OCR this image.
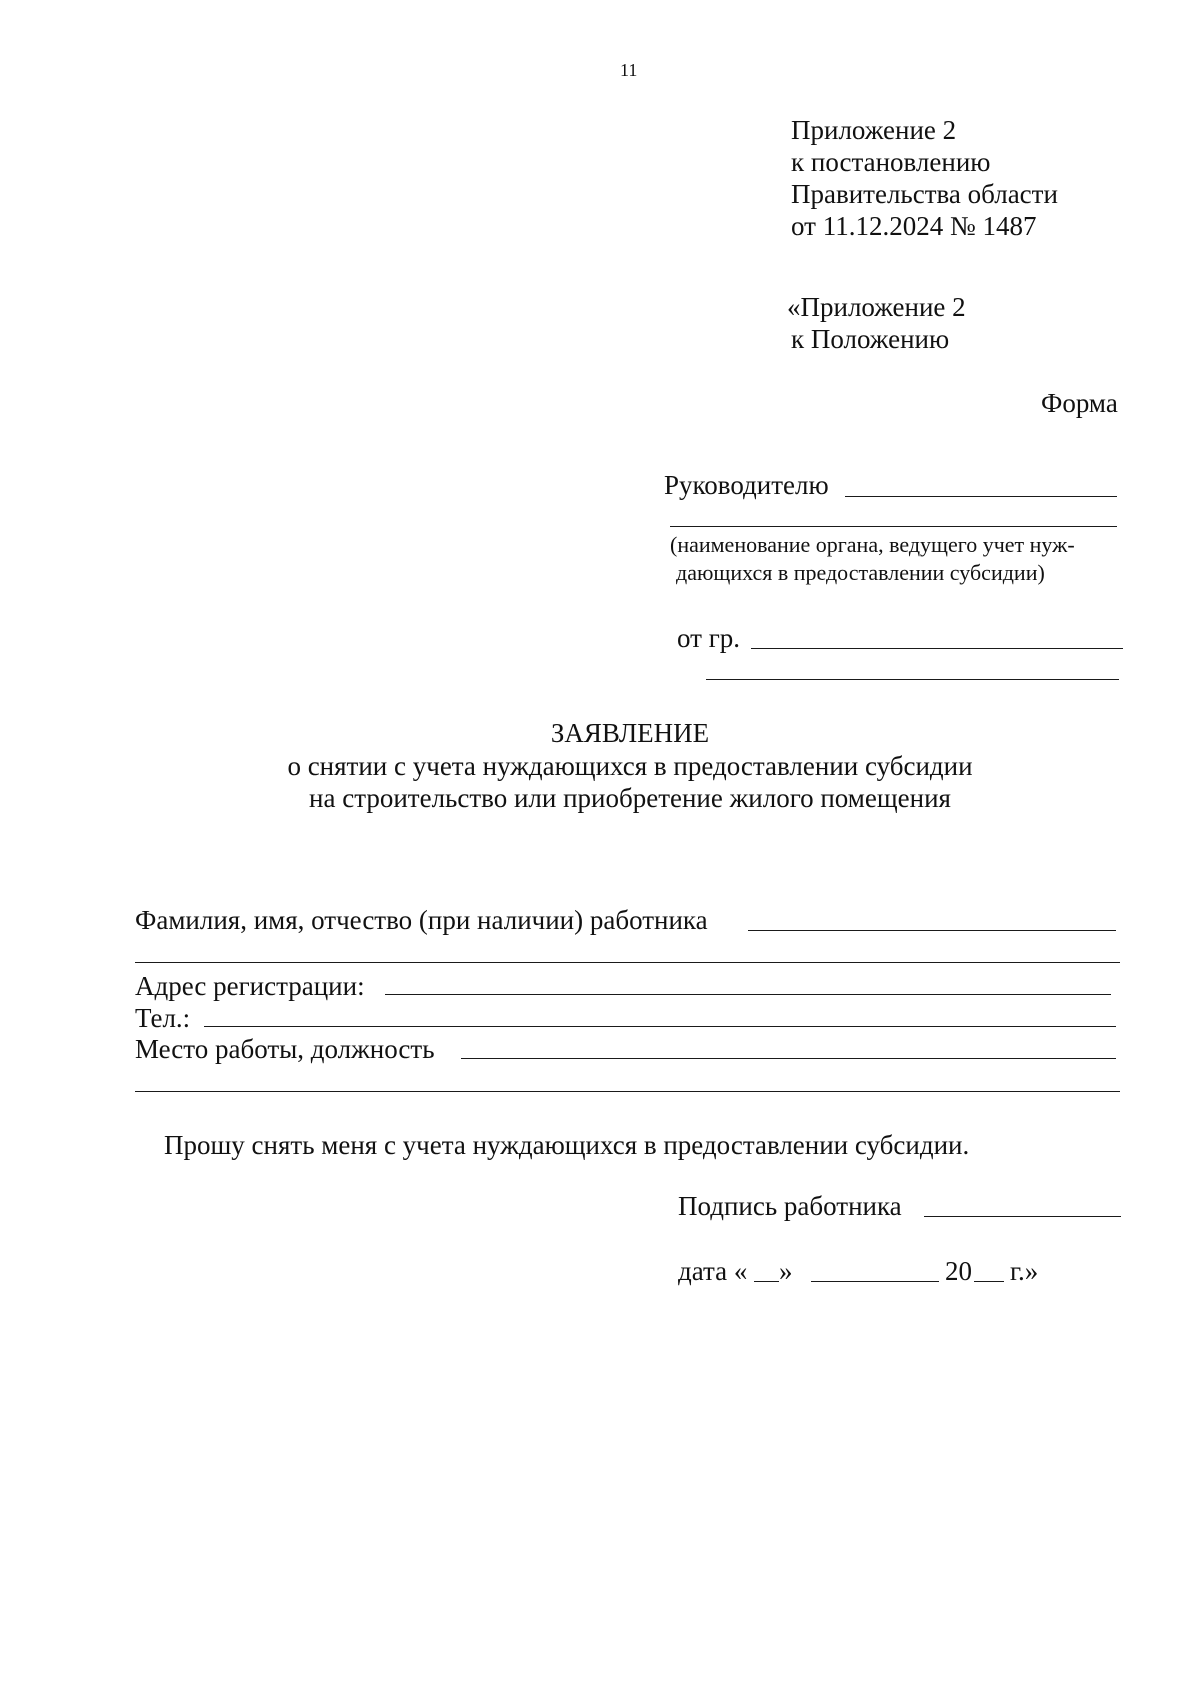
11
Приложение 2
к постановлению
Правительства области
от 11.12.2024 № 1487
«Приложение 2
к Положению
Форма
Руководителю
(наименование органа, ведущего учет нуж-
дающихся в предоставлении субсидии)
от гр.
ЗАЯВЛЕНИЕ
о снятии с учета нуждающихся в предоставлении субсидии
на строительство или приобретение жилого помещения
Фамилия, имя, отчество (при наличии) работника
Адрес регистрации:
Тел.:
Место работы, должность
Прошу снять меня с учета нуждающихся в предоставлении субсидии.
Подпись работника
дата « »	20 г.»
